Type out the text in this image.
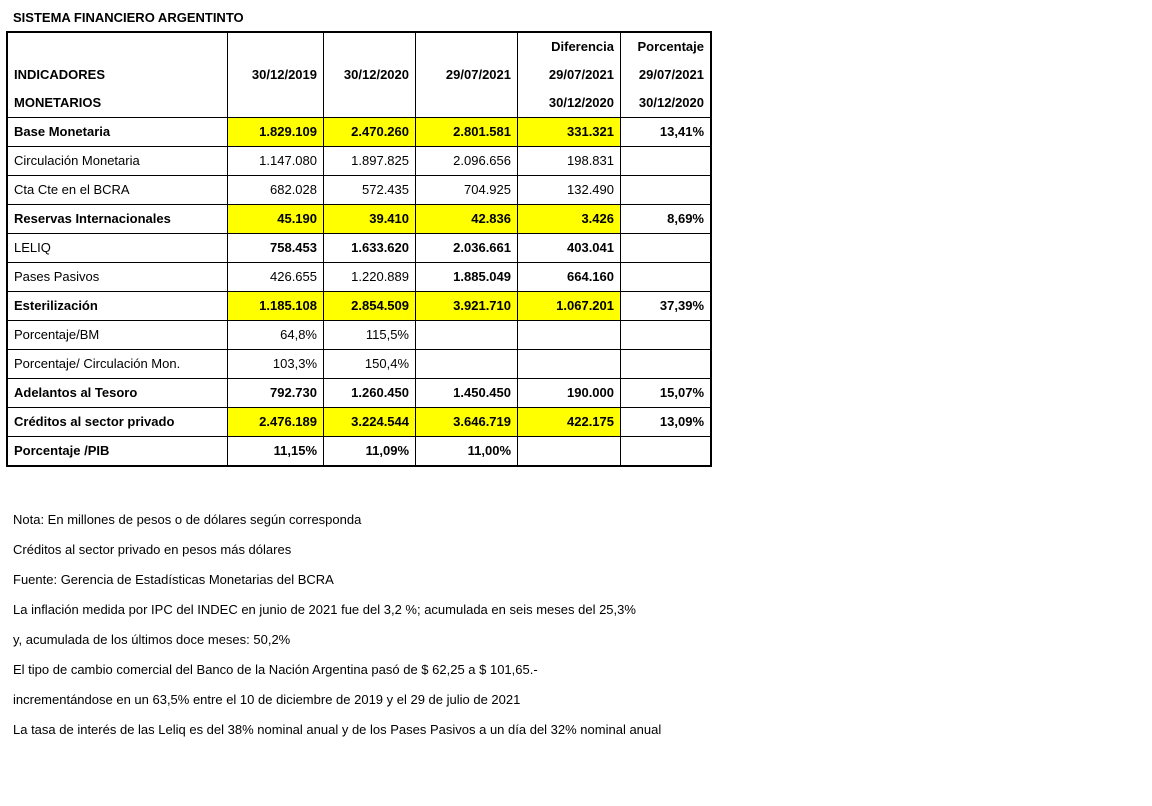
SISTEMA FINANCIERO ARGENTINTO
				Diferencia	Porcentaje
INDICADORES	30/12/2019	30/12/2020	29/07/2021	29/07/2021	29/07/2021
MONETARIOS				30/12/2020	30/12/2020
Base Monetaria	1.829.109	2.470.260	2.801.581	331.321	13,41%
Circulación Monetaria	1.147.080	1.897.825	2.096.656	198.831	
Cta Cte en el BCRA	682.028	572.435	704.925	132.490	
Reservas Internacionales	45.190	39.410	42.836	3.426	8,69%
LELIQ	758.453	1.633.620	2.036.661	403.041	
Pases Pasivos	426.655	1.220.889	1.885.049	664.160	
Esterilización	1.185.108	2.854.509	3.921.710	1.067.201	37,39%
Porcentaje/BM	64,8%	115,5%			
Porcentaje/ Circulación Mon.	103,3%	150,4%			
Adelantos al Tesoro	792.730	1.260.450	1.450.450	190.000	15,07%
Créditos al sector privado	2.476.189	3.224.544	3.646.719	422.175	13,09%
Porcentaje /PIB	11,15%	11,09%	11,00%		
Nota: En millones de pesos o de dólares según corresponda
Créditos al sector privado en pesos más dólares
Fuente: Gerencia de Estadísticas Monetarias del BCRA
La inflación medida por IPC del INDEC en junio de 2021 fue del 3,2 %; acumulada en seis meses del 25,3%
y, acumulada de los últimos doce meses: 50,2%
El tipo de cambio comercial del Banco de la Nación Argentina pasó de $ 62,25 a $ 101,65.-
incrementándose en un 63,5% entre el 10 de diciembre de 2019 y el 29 de julio de 2021
La tasa de interés de las Leliq es del 38% nominal anual y de los Pases Pasivos a un día del 32% nominal anual
